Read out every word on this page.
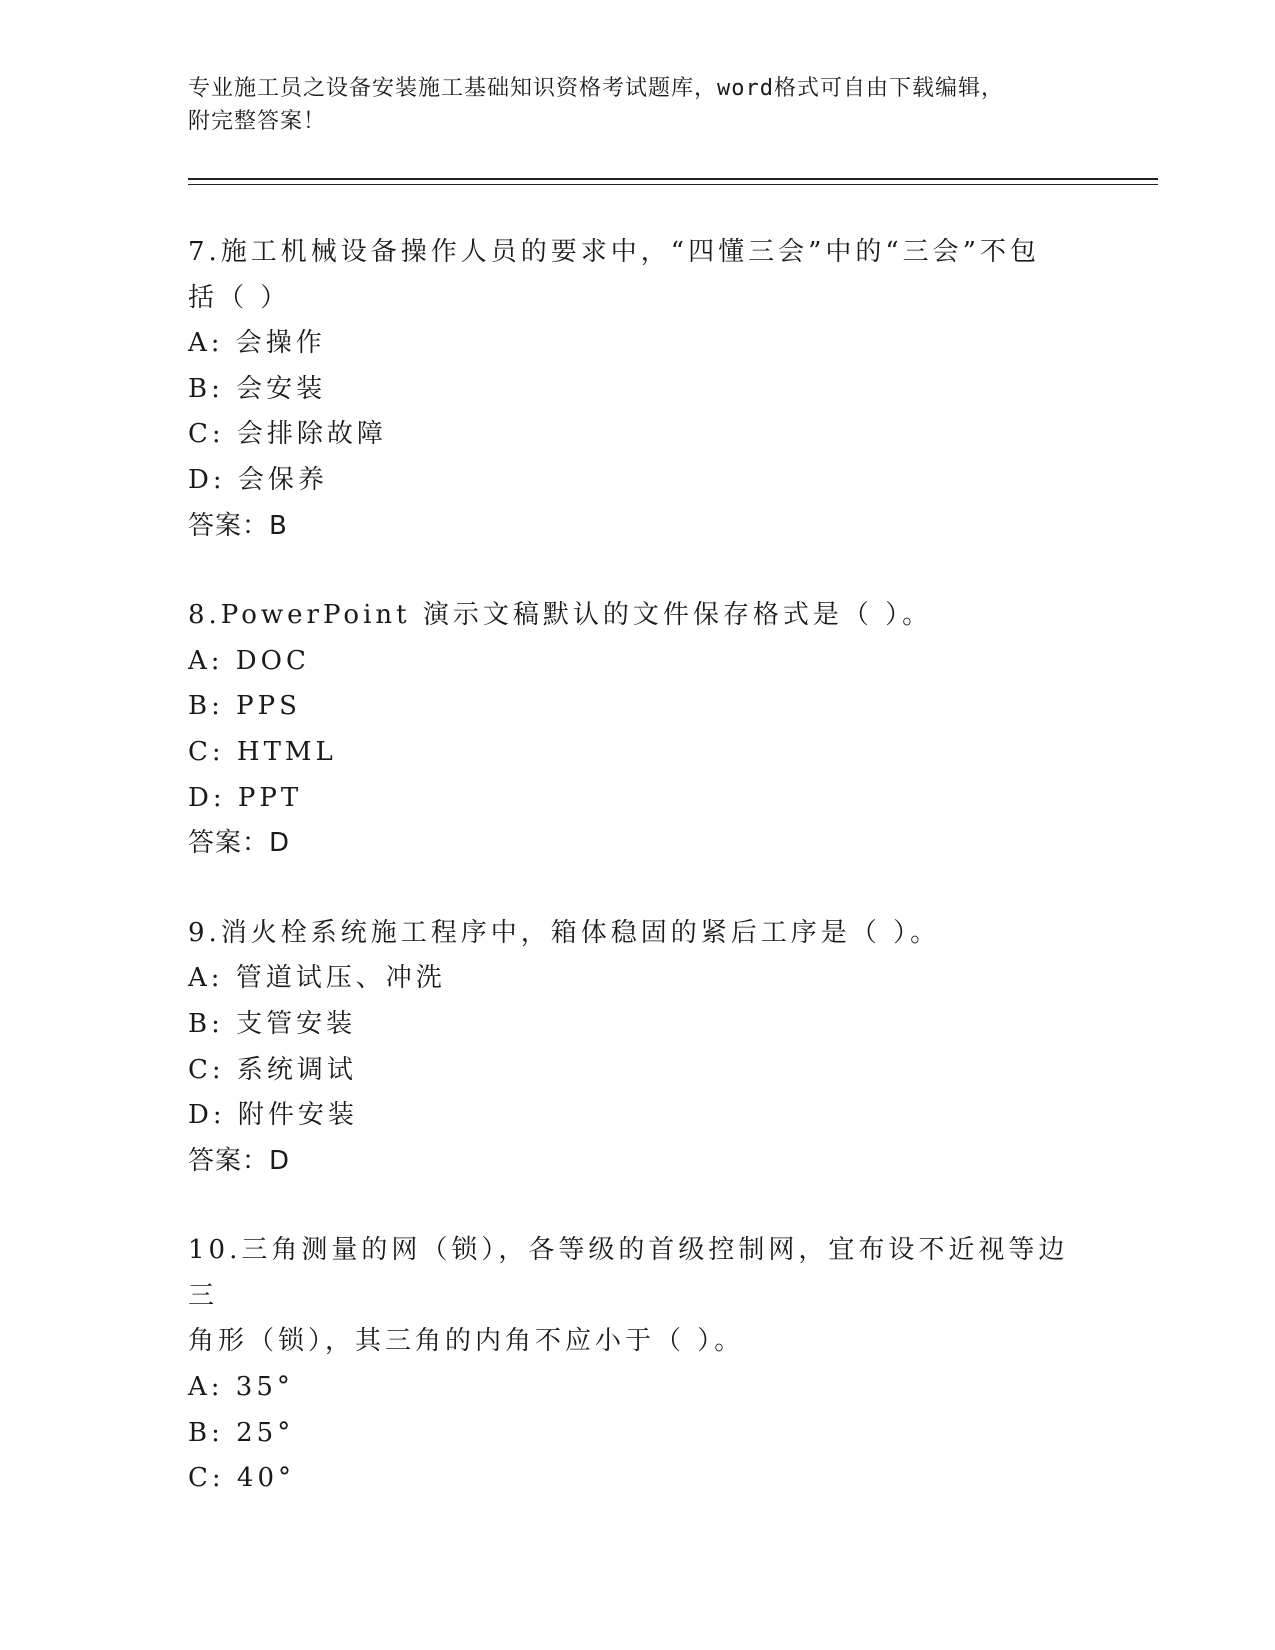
专业施工员之设备安装施工基础知识资格考试题库，word格式可自由下载编辑，
附完整答案！
7.施工机械设备操作人员的要求中，“四懂三会”中的“三会”不包
括（ ）
A: 会操作
B: 会安装
C: 会排除故障
D: 会保养
答案：B
8.PowerPoint 演示文稿默认的文件保存格式是（ ）。
A: DOC
B: PPS
C: HTML
D: PPT
答案：D
9.消火栓系统施工程序中，箱体稳固的紧后工序是（ ）。
A: 管道试压、冲洗
B: 支管安装
C: 系统调试
D: 附件安装
答案：D
10.三角测量的网（锁），各等级的首级控制网，宜布设不近视等边三
角形（锁），其三角的内角不应小于（ ）。
A: 35°
B: 25°
C: 40°
